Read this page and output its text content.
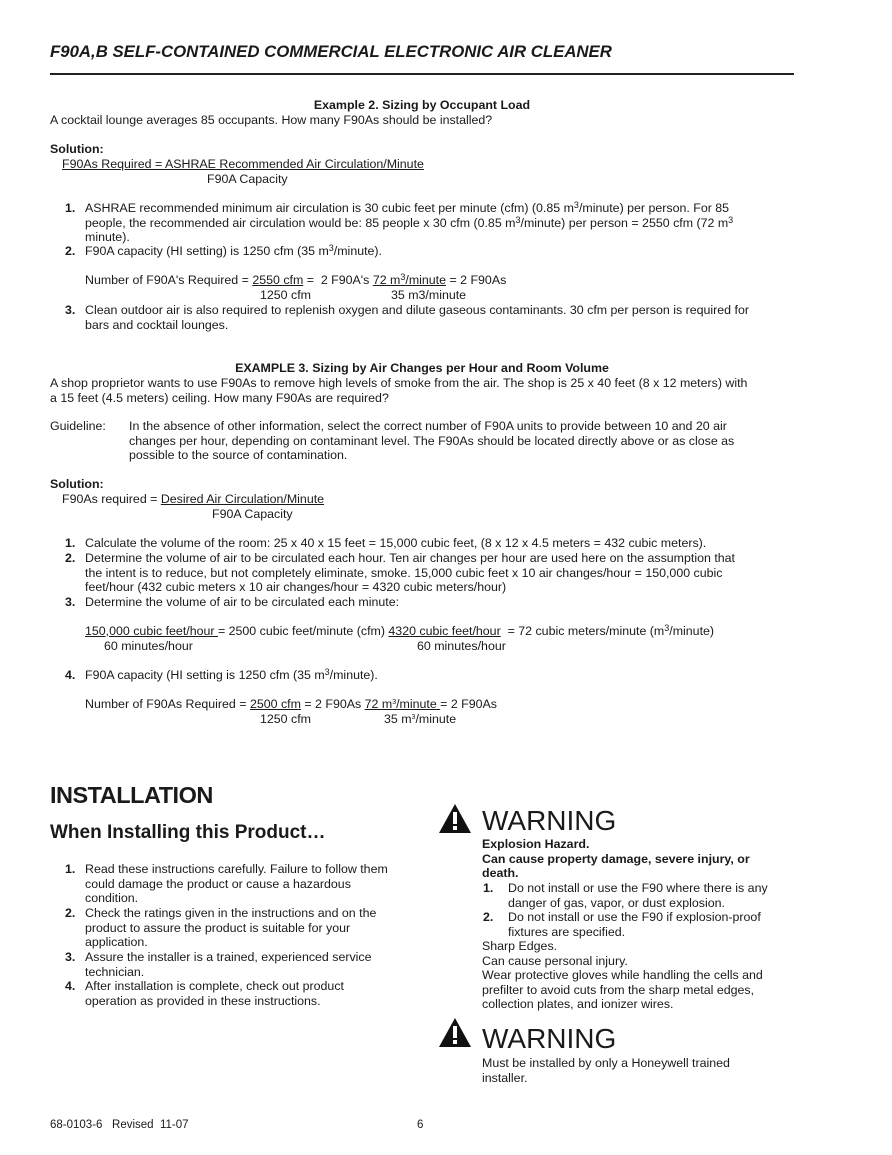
F90A,B SELF-CONTAINED COMMERCIAL ELECTRONIC AIR CLEANER
Example 2. Sizing by Occupant Load
A cocktail lounge averages 85 occupants. How many F90As should be installed?
Solution:
F90As Required = ASHRAE Recommended Air Circulation/Minute
F90A Capacity
1. ASHRAE recommended minimum air circulation is 30 cubic feet per minute (cfm) (0.85 $m^3/minute$) per person. For 85
people, the recommended air circulation would be: 85 people x 30 cfm (0.85 $m^3/minute$) per person = 2550 cfm (72 $m^3$
minute).
2. F90A capacity (HI setting) is 1250 cfm (35 $m^3/minute$).
Number of F90A's Required = 2550 cfm =  2 F90A's 72 $m^3$/minute = 2 F90As
1250 cfm	35 m3/minute
3. Clean outdoor air is also required to replenish oxygen and dilute gaseous contaminants. 30 cfm per person is required for
bars and cocktail lounges.
EXAMPLE 3. Sizing by Air Changes per Hour and Room Volume
A shop proprietor wants to use F90As to remove high levels of smoke from the air. The shop is 25 x 40 feet (8 x 12 meters) with
a 15 feet (4.5 meters) ceiling. How many F90As are required?
Guideline: In the absence of other information, select the correct number of F90A units to provide between 10 and 20 air
changes per hour, depending on contaminant level. The F90As should be located directly above or as close as
possible to the source of contamination.
Solution:
F90As required = Desired Air Circulation/Minute
F90A Capacity
1. Calculate the volume of the room: 25 x 40 x 15 feet = 15,000 cubic feet, (8 x 12 x 4.5 meters = 432 cubic meters).
2. Determine the volume of air to be circulated each hour. Ten air changes per hour are used here on the assumption that
the intent is to reduce, but not completely eliminate, smoke. 15,000 cubic feet x 10 air changes/hour = 150,000 cubic
feet/hour (432 cubic meters x 10 air changes/hour = 4320 cubic meters/hour)
3. Determine the volume of air to be circulated each minute:
150,000 cubic feet/hour = 2500 cubic feet/minute (cfm) 4320 cubic feet/hour  = 72 cubic meters/minute $(m^3/minute)$
60 minutes/hour	60 minutes/hour
4. F90A capacity (HI setting is 1250 cfm (35 $m^3/minute$).
Number of F90As Required = 2500 cfm = 2 F90As 72 $m^3$/minute = 2 F90As
1250 cfm	35 $m^3$/minute
INSTALLATION
When Installing this Product…
1. Read these instructions carefully. Failure to follow them
could damage the product or cause a hazardous
condition.
2. Check the ratings given in the instructions and on the
product to assure the product is suitable for your
application.
3. Assure the installer is a trained, experienced service
technician.
4. After installation is complete, check out product
operation as provided in these instructions.
WARNING
Explosion Hazard.
Can cause property damage, severe injury, or
death.
1. Do not install or use the F90 where there is any
danger of gas, vapor, or dust explosion.
2. Do not install or use the F90 if explosion-proof
fixtures are specified.
Sharp Edges.
Can cause personal injury.
Wear protective gloves while handling the cells and
prefilter to avoid cuts from the sharp metal edges,
collection plates, and ionizer wires.
WARNING
Must be installed by only a Honeywell trained
installer.
68-0103-6   Revised  11-07	6
